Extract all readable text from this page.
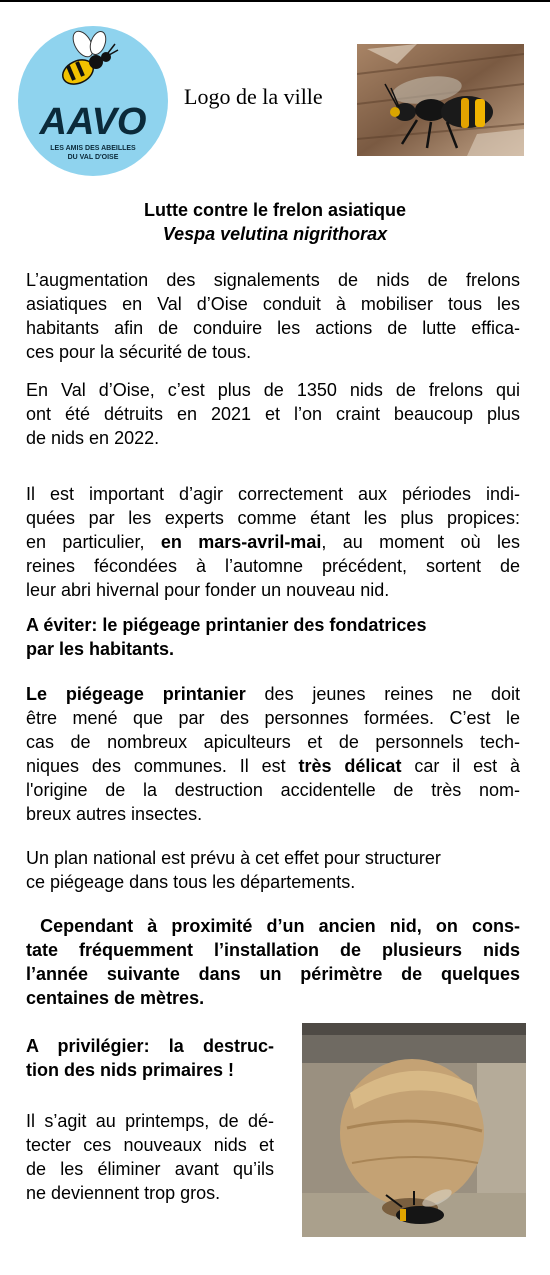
AAVO
LES AMIS DES ABEILLES
DU VAL D'OISE
Logo de la ville
Lutte contre le frelon asiatique
Vespa velutina nigrithorax
L’augmentation des signalements de nids de frelons
asiatiques en Val d’Oise conduit à mobiliser tous les
habitants afin de conduire les actions de lutte effica-
ces pour la sécurité de tous.
En Val d’Oise, c’est plus de 1350 nids de frelons qui
ont été détruits en 2021 et l’on craint beaucoup plus
de nids en 2022.
Il est important d’agir correctement aux périodes indi-
quées par les experts comme étant les plus propices:
en particulier, en mars-avril-mai, au moment où les
reines fécondées à l’automne précédent, sortent de
leur abri hivernal pour fonder un nouveau nid.
A éviter: le piégeage printanier des fondatrices
par les habitants.
Le piégeage printanier des jeunes reines ne doit
être mené que par des personnes formées. C’est le
cas de nombreux apiculteurs et de personnels tech-
niques des communes. Il est très délicat car il est à
l'origine de la destruction accidentelle de très nom-
breux autres insectes.
Un plan national est prévu à cet effet pour structurer
ce piégeage dans tous les départements.
Cependant à proximité d’un ancien nid, on cons-
tate fréquemment l’installation de plusieurs nids
l’année suivante dans un périmètre de quelques
centaines de mètres.
A privilégier: la destruc-
tion des nids primaires !
Il s’agit au printemps, de dé-
tecter ces nouveaux nids et
de les éliminer avant qu’ils
ne deviennent trop gros.
